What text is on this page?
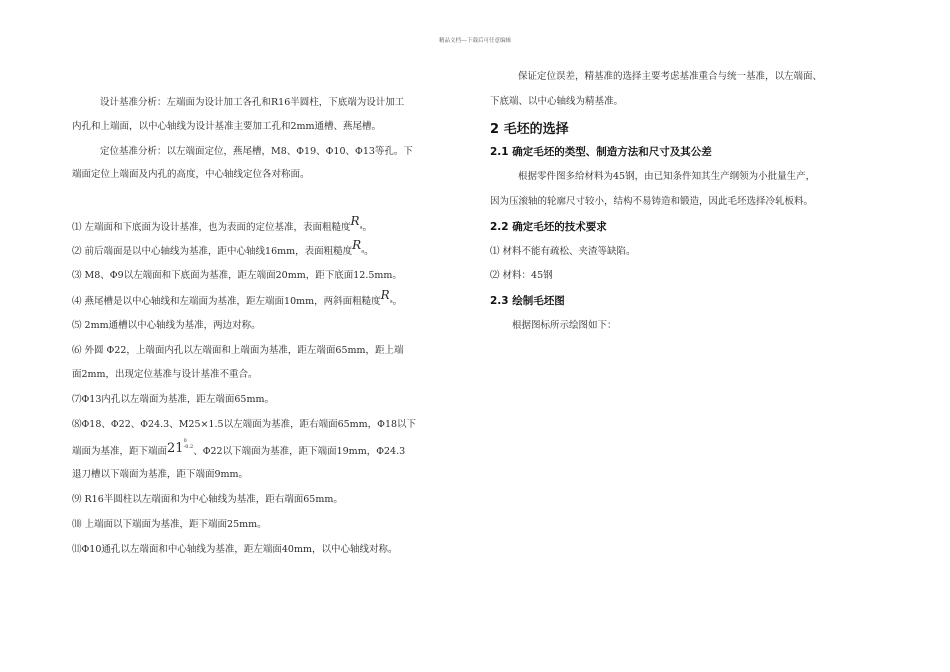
精品文档---下载后可任意编辑
设计基准分析：左端面为设计加工各孔和R16半圆柱，下底端为设计加工
内孔和上端面，以中心轴线为设计基准主要加工孔和2mm通槽、燕尾槽。
定位基准分析：以左端面定位，燕尾槽，M8、Φ19、Φ10、Φ13等孔。下
端面定位上端面及内孔的高度，中心轴线定位各对称面。
⑴ 左端面和下底面为设计基准，也为表面的定位基准，表面粗糙度$R_a$。
⑵ 前后端面是以中心轴线为基准，距中心轴线16mm，表面粗糙度$R_a$。
⑶ M8、Φ9以左端面和下底面为基准，距左端面20mm，距下底面12.5mm。
⑷ 燕尾槽是以中心轴线和左端面为基准，距左端面10mm，两斜面粗糙度$R_a$。
⑸ 2mm通槽以中心轴线为基准，两边对称。
⑹ 外圆 Φ22，上端面内孔以左端面和上端面为基准，距左端面65mm，距上端
面2mm，出现定位基准与设计基准不重合。
⑺Φ13内孔以左端面为基准，距左端面65mm。
⑻Φ18、Φ22、Φ24.3、M25×1.5以左端面为基准，距右端面65mm，Φ18以下
端面为基准，距下端面210
-0.2、Φ22以下端面为基准，距下端面19mm，Φ24.3
退刀槽以下端面为基准，距下端面9mm。
⑼ R16半圆柱以左端面和为中心轴线为基准，距右端面65mm。
⑽ 上端面以下端面为基准，距下端面25mm。
⑾Φ10通孔以左端面和中心轴线为基准，距左端面40mm，以中心轴线对称。
保证定位误差，精基准的选择主要考虑基准重合与统一基准，以左端面、
下底端、以中心轴线为精基准。
2 毛坯的选择
2.1 确定毛坯的类型、制造方法和尺寸及其公差
根据零件图多给材料为45钢，由已知条件知其生产纲领为小批量生产，
因为压滚轴的轮廓尺寸较小，结构不易铸造和锻造，因此毛坯选择冷轧板料。
2.2 确定毛坯的技术要求
⑴ 材料不能有疏松、夹渣等缺陷。
⑵ 材料：45钢
2.3 绘制毛坯图
根据图标所示绘图如下：
